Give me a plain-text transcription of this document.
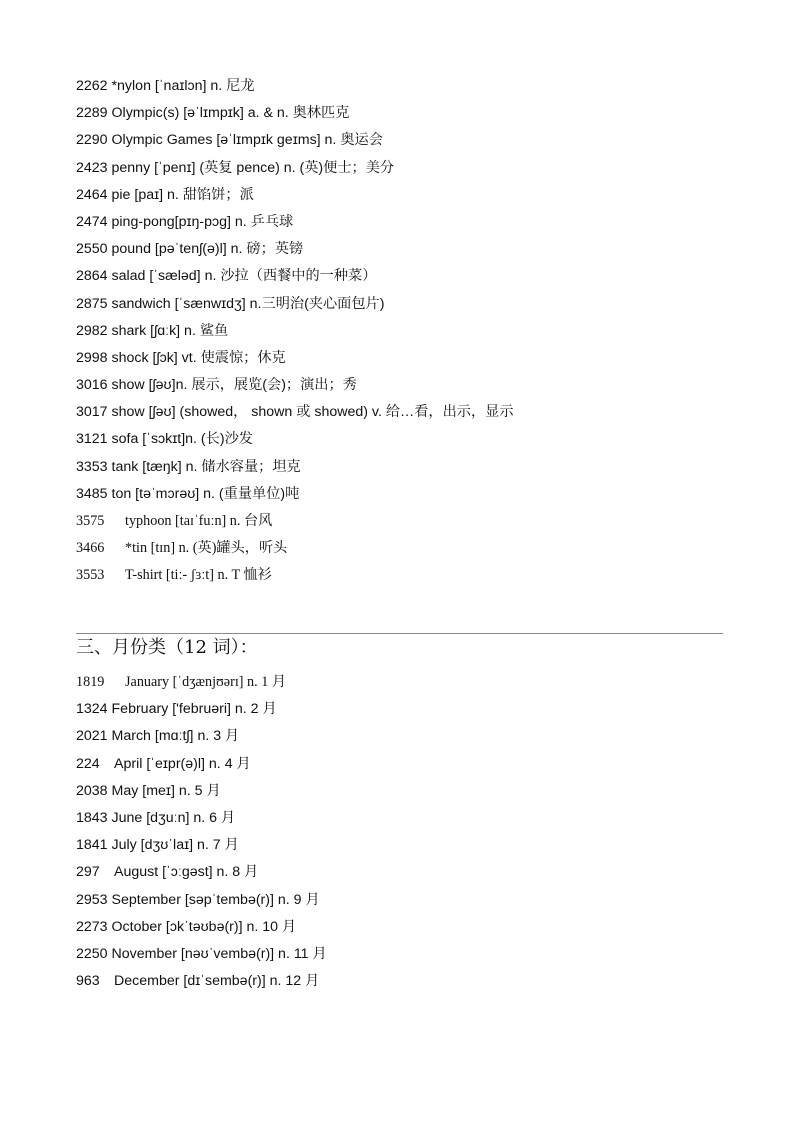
2262 *nylon [ˈnaɪlɔn] n. 尼龙
2289 Olympic(s) [əˈlɪmpɪk] a. & n. 奥林匹克
2290 Olympic Games [əˈlɪmpɪk geɪms] n. 奥运会
2423 penny [ˈpenɪ] (英复 pence) n. (英)便士；美分
2464 pie [paɪ] n. 甜馅饼；派
2474 ping-pong[pɪŋ-pɔg] n. 乒乓球
2550 pound [pəˈtenʃ(ə)l] n. 磅；英镑
2864 salad [ˈsæləd] n. 沙拉（西餐中的一种菜）
2875 sandwich [ˈsænwɪdʒ] n.三明治(夹心面包片)
2982 shark [ʃɑːk] n. 鲨鱼
2998 shock [ʃɔk] vt. 使震惊；休克
3016 show [ʃəʊ]n. 展示，展览(会)；演出；秀
3017 show [ʃəʊ] (showed， shown 或 showed) v. 给…看，出示，显示
3121 sofa [ˈsɔkɪt]n. (长)沙发
3353 tank [tæŋk] n. 储水容量；坦克
3485 ton [təˈmɔrəʊ] n. (重量单位)吨
3575 typhoon [taɪˈfuːn] n. 台风
3466 *tin [tɪn] n. (英)罐头，听头
3553 T-shirt [tiː- ʃɜːt] n. T 恤衫
三、月份类（12 词）：
1819 January [ˈdʒænjʊərɪ] n. 1 月
1324 February ['februəri] n. 2 月
2021 March [mɑːtʃ] n. 3 月
224 April [ˈeɪpr(ə)l] n. 4 月
2038 May [meɪ] n. 5 月
1843 June [dʒuːn] n. 6 月
1841 July [dʒʊˈlaɪ] n. 7 月
297 August [ˈɔːgəst] n. 8 月
2953 September [səpˈtembə(r)] n. 9 月
2273 October [ɔkˈtəʊbə(r)] n. 10 月
2250 November [nəʊˈvembə(r)] n. 11 月
963 December [dɪˈsembə(r)] n. 12 月
